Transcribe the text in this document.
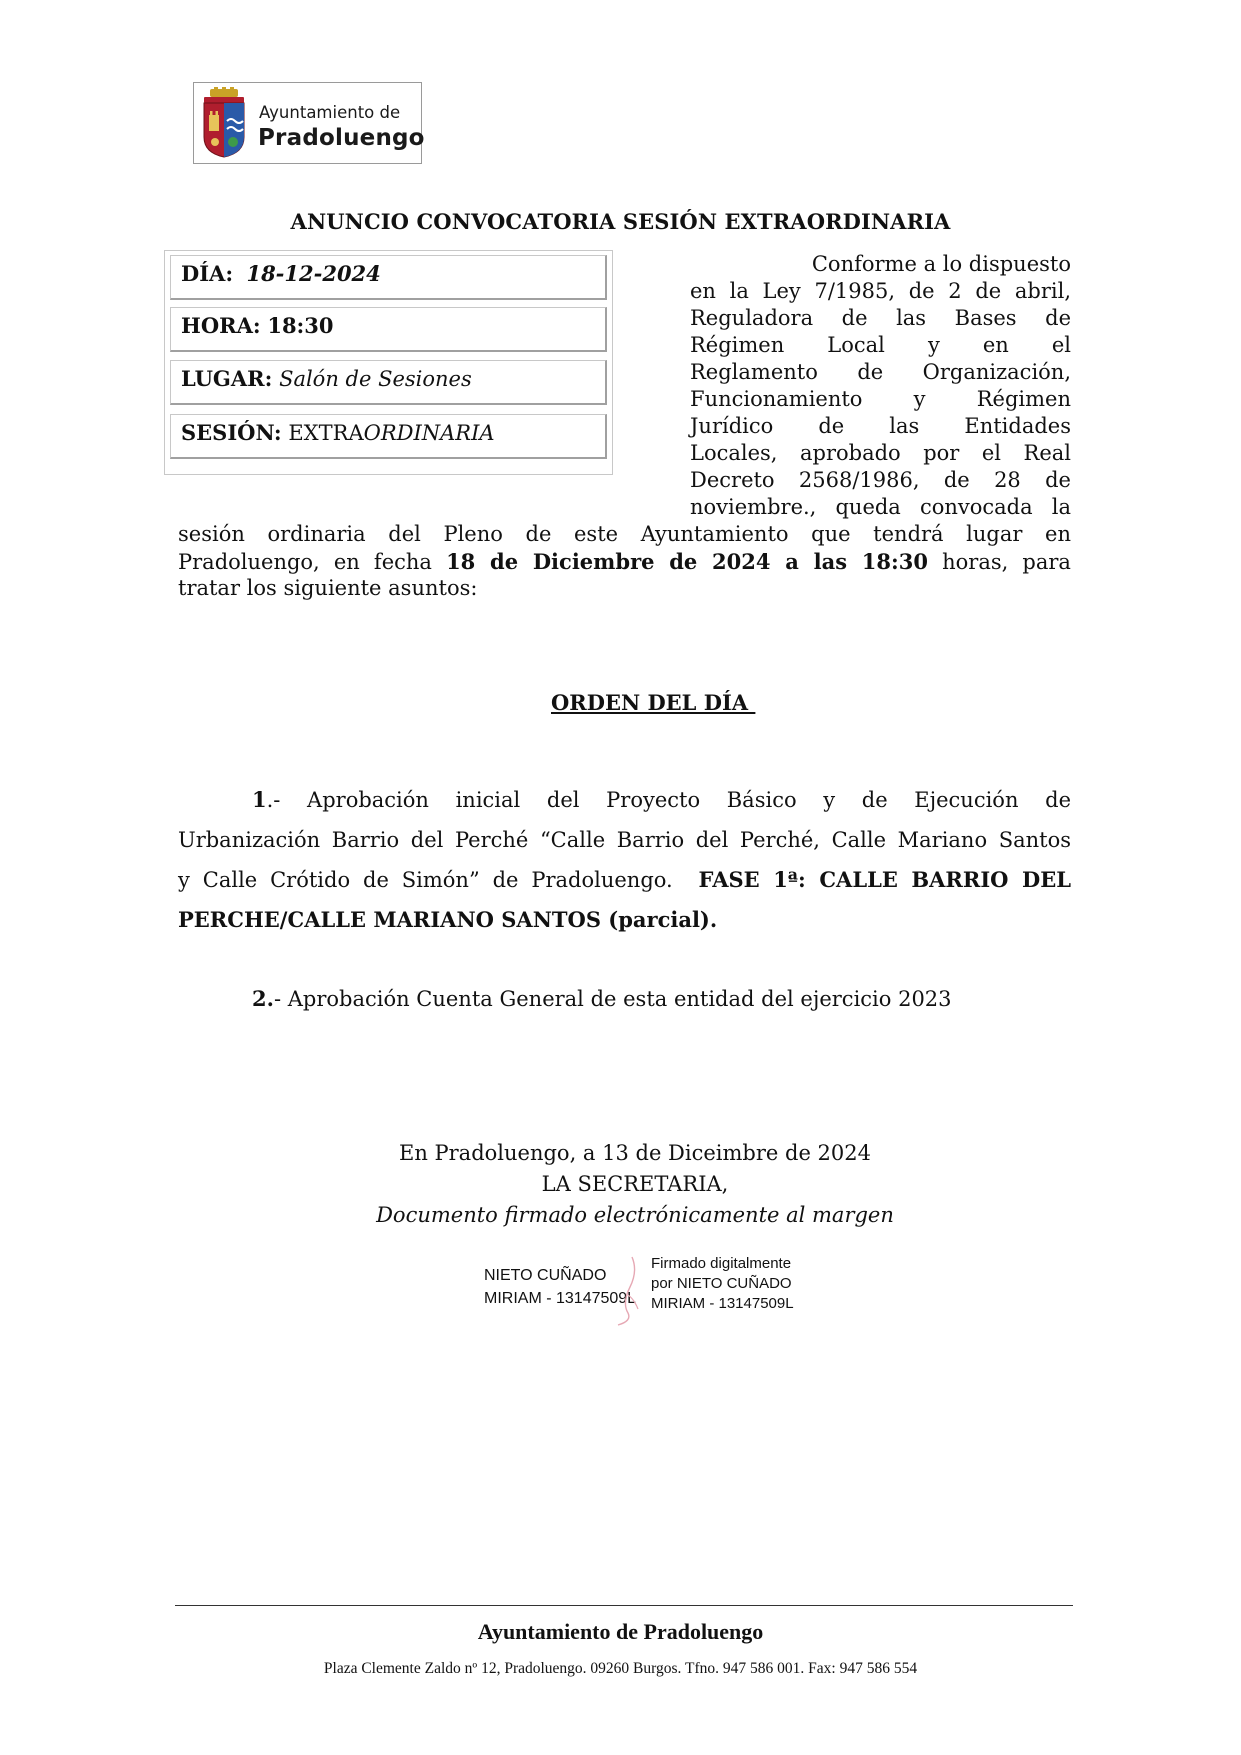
Ayuntamiento de
Pradoluengo
ANUNCIO CONVOCATORIA SESIÓN EXTRAORDINARIA
DÍA: 18-12-2024
HORA: 18:30
LUGAR: Salón de Sesiones
SESIÓN: EXTRAORDINARIA
Conforme a lo dispuesto
en la Ley 7/1985, de 2 de abril,
Reguladora de las Bases de
Régimen Local y en el
Reglamento de Organización,
Funcionamiento y Régimen
Jurídico de las Entidades
Locales, aprobado por el Real
Decreto 2568/1986, de 28 de
noviembre., queda convocada la
sesión ordinaria del Pleno de este Ayuntamiento que tendrá lugar en
Pradoluengo, en fecha 18 de Diciembre de 2024 a las 18:30 horas, para
tratar los siguiente asuntos:
ORDEN DEL DÍA
1.- Aprobación inicial del Proyecto Básico y de Ejecución de
Urbanización Barrio del Perché “Calle Barrio del Perché, Calle Mariano Santos
y Calle Crótido de Simón” de Pradoluengo. FASE 1ª: CALLE BARRIO DEL
PERCHE/CALLE MARIANO SANTOS (parcial).
2.- Aprobación Cuenta General de esta entidad del ejercicio 2023
En Pradoluengo, a 13 de Diceimbre de 2024
LA SECRETARIA,
Documento firmado electrónicamente al margen
NIETO CUÑADO
MIRIAM - 13147509L
Firmado digitalmente
por NIETO CUÑADO
MIRIAM - 13147509L
Ayuntamiento de Pradoluengo
Plaza Clemente Zaldo nº 12, Pradoluengo. 09260 Burgos. Tfno. 947 586 001. Fax: 947 586 554
